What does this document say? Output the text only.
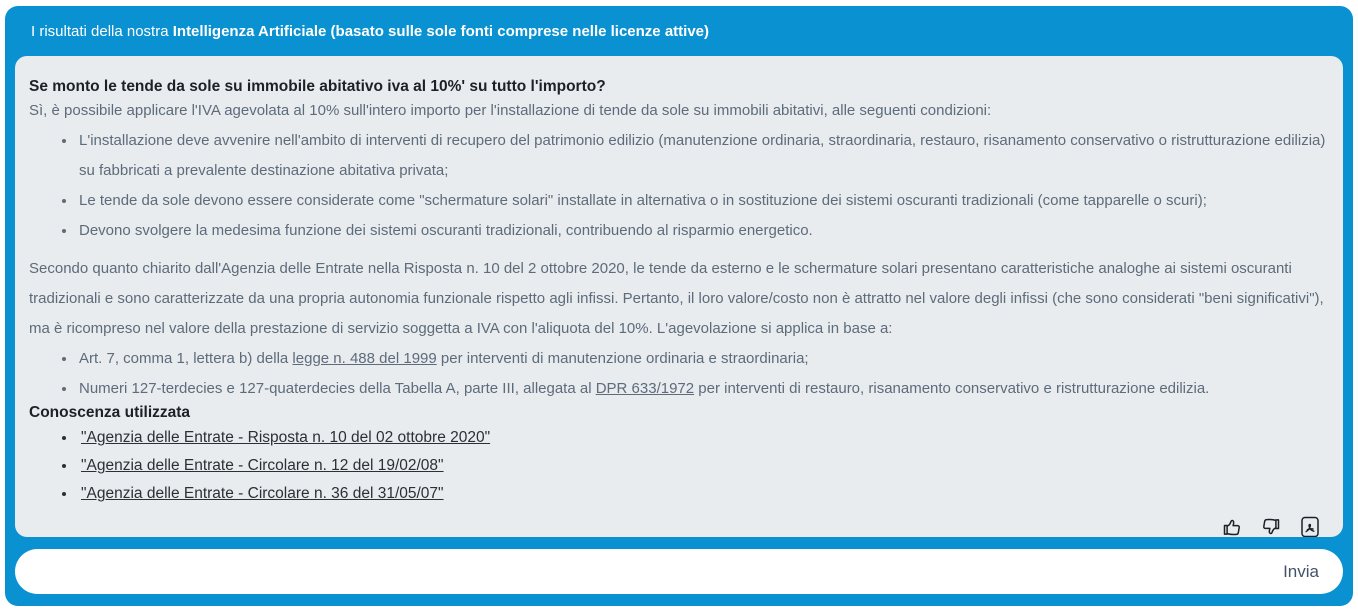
I risultati della nostra Intelligenza Artificiale (basato sulle sole fonti comprese nelle licenze attive)

Se monto le tende da sole su immobile abitativo iva al 10%' su tutto l'importo?

Sì, è possibile applicare l'IVA agevolata al 10% sull'intero importo per l'installazione di tende da sole su immobili abitativi, alle seguenti condizioni:

• L'installazione deve avvenire nell'ambito di interventi di recupero del patrimonio edilizio (manutenzione ordinaria, straordinaria, restauro, risanamento conservativo o ristrutturazione edilizia) su fabbricati a prevalente destinazione abitativa privata;
• Le tende da sole devono essere considerate come "schermature solari" installate in alternativa o in sostituzione dei sistemi oscuranti tradizionali (come tapparelle o scuri);
• Devono svolgere la medesima funzione dei sistemi oscuranti tradizionali, contribuendo al risparmio energetico.

Secondo quanto chiarito dall'Agenzia delle Entrate nella Risposta n. 10 del 2 ottobre 2020, le tende da esterno e le schermature solari presentano caratteristiche analoghe ai sistemi oscuranti tradizionali e sono caratterizzate da una propria autonomia funzionale rispetto agli infissi. Pertanto, il loro valore/costo non è attratto nel valore degli infissi (che sono considerati "beni significativi"), ma è ricompreso nel valore della prestazione di servizio soggetta a IVA con l'aliquota del 10%. L'agevolazione si applica in base a:

• Art. 7, comma 1, lettera b) della legge n. 488 del 1999 per interventi di manutenzione ordinaria e straordinaria;
• Numeri 127-terdecies e 127-quaterdecies della Tabella A, parte III, allegata al DPR 633/1972 per interventi di restauro, risanamento conservativo e ristrutturazione edilizia.

Conoscenza utilizzata

• "Agenzia delle Entrate - Risposta n. 10 del 02 ottobre 2020"
• "Agenzia delle Entrate - Circolare n. 12 del 19/02/08"
• "Agenzia delle Entrate - Circolare n. 36 del 31/05/07"
Invia
